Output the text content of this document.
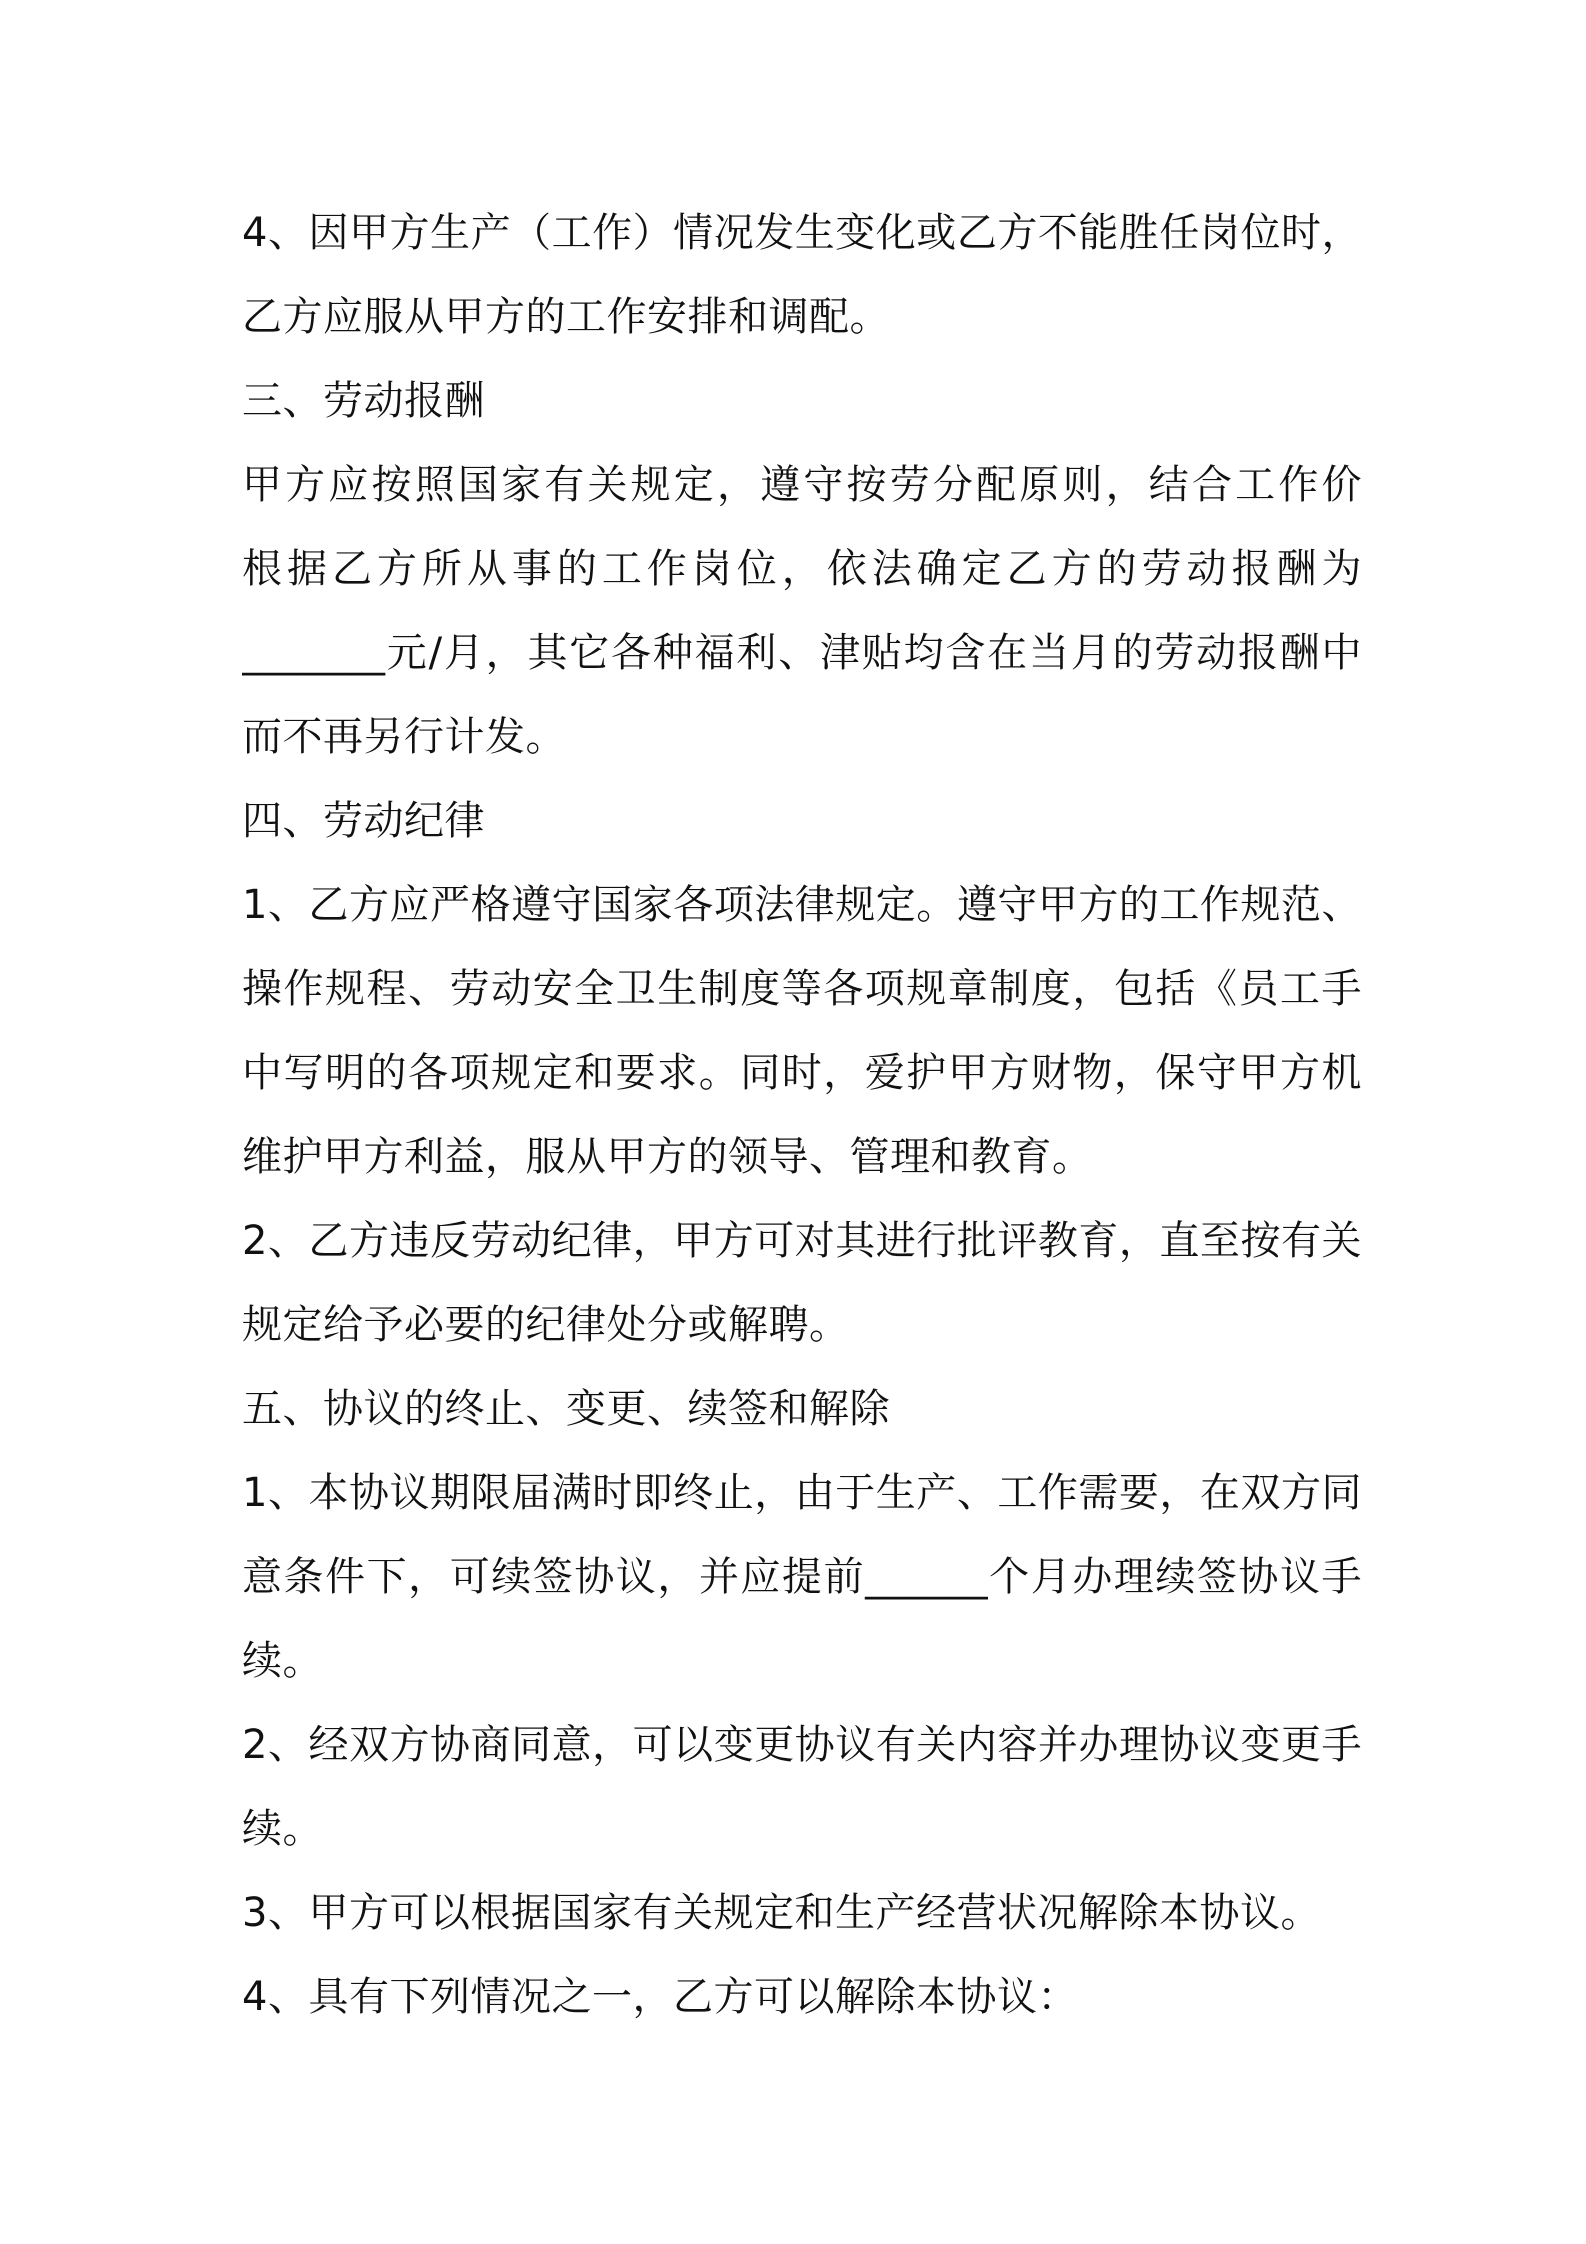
4、因甲方生产（工作）情况发生变化或乙方不能胜任岗位时，
乙方应服从甲方的工作安排和调配。
三、劳动报酬
甲方应按照国家有关规定，遵守按劳分配原则，结合工作价
根据乙方所从事的工作岗位，依法确定乙方的劳动报酬为
_______元/月，其它各种福利、津贴均含在当月的劳动报酬中
而不再另行计发。
四、劳动纪律
1、乙方应严格遵守国家各项法律规定。遵守甲方的工作规范、
操作规程、劳动安全卫生制度等各项规章制度，包括《员工手
中写明的各项规定和要求。同时，爱护甲方财物，保守甲方机
维护甲方利益，服从甲方的领导、管理和教育。
2、乙方违反劳动纪律，甲方可对其进行批评教育，直至按有关
规定给予必要的纪律处分或解聘。
五、协议的终止、变更、续签和解除
1、本协议期限届满时即终止，由于生产、工作需要，在双方同
意条件下，可续签协议，并应提前______个月办理续签协议手
续。
2、经双方协商同意，可以变更协议有关内容并办理协议变更手
续。
3、甲方可以根据国家有关规定和生产经营状况解除本协议。
4、具有下列情况之一，乙方可以解除本协议：
